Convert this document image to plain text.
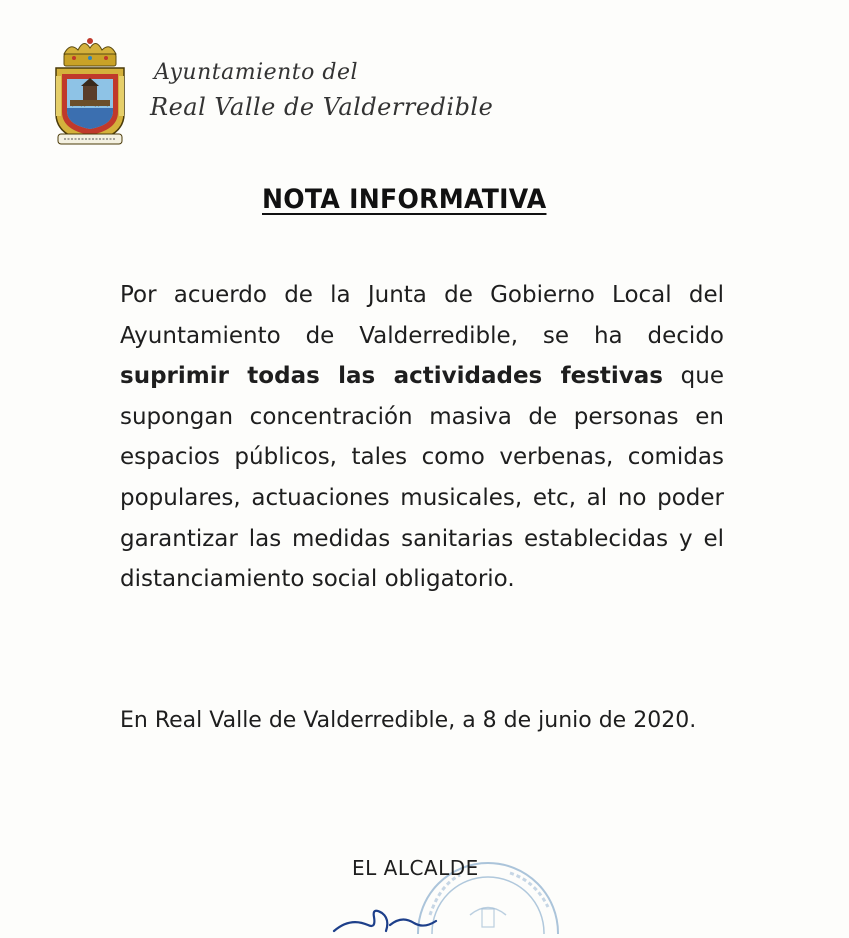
Ayuntamiento del
Real Valle de Valderredible
NOTA INFORMATIVA
Por acuerdo de la Junta de Gobierno Local del Ayuntamiento de Valderredible, se ha decido suprimir todas las actividades festivas que supongan concentración masiva de personas en espacios públicos, tales como verbenas, comidas populares, actuaciones musicales, etc, al no poder garantizar las medidas sanitarias establecidas y el distanciamiento social obligatorio.
En Real Valle de Valderredible, a 8 de junio de 2020.
EL ALCALDE
